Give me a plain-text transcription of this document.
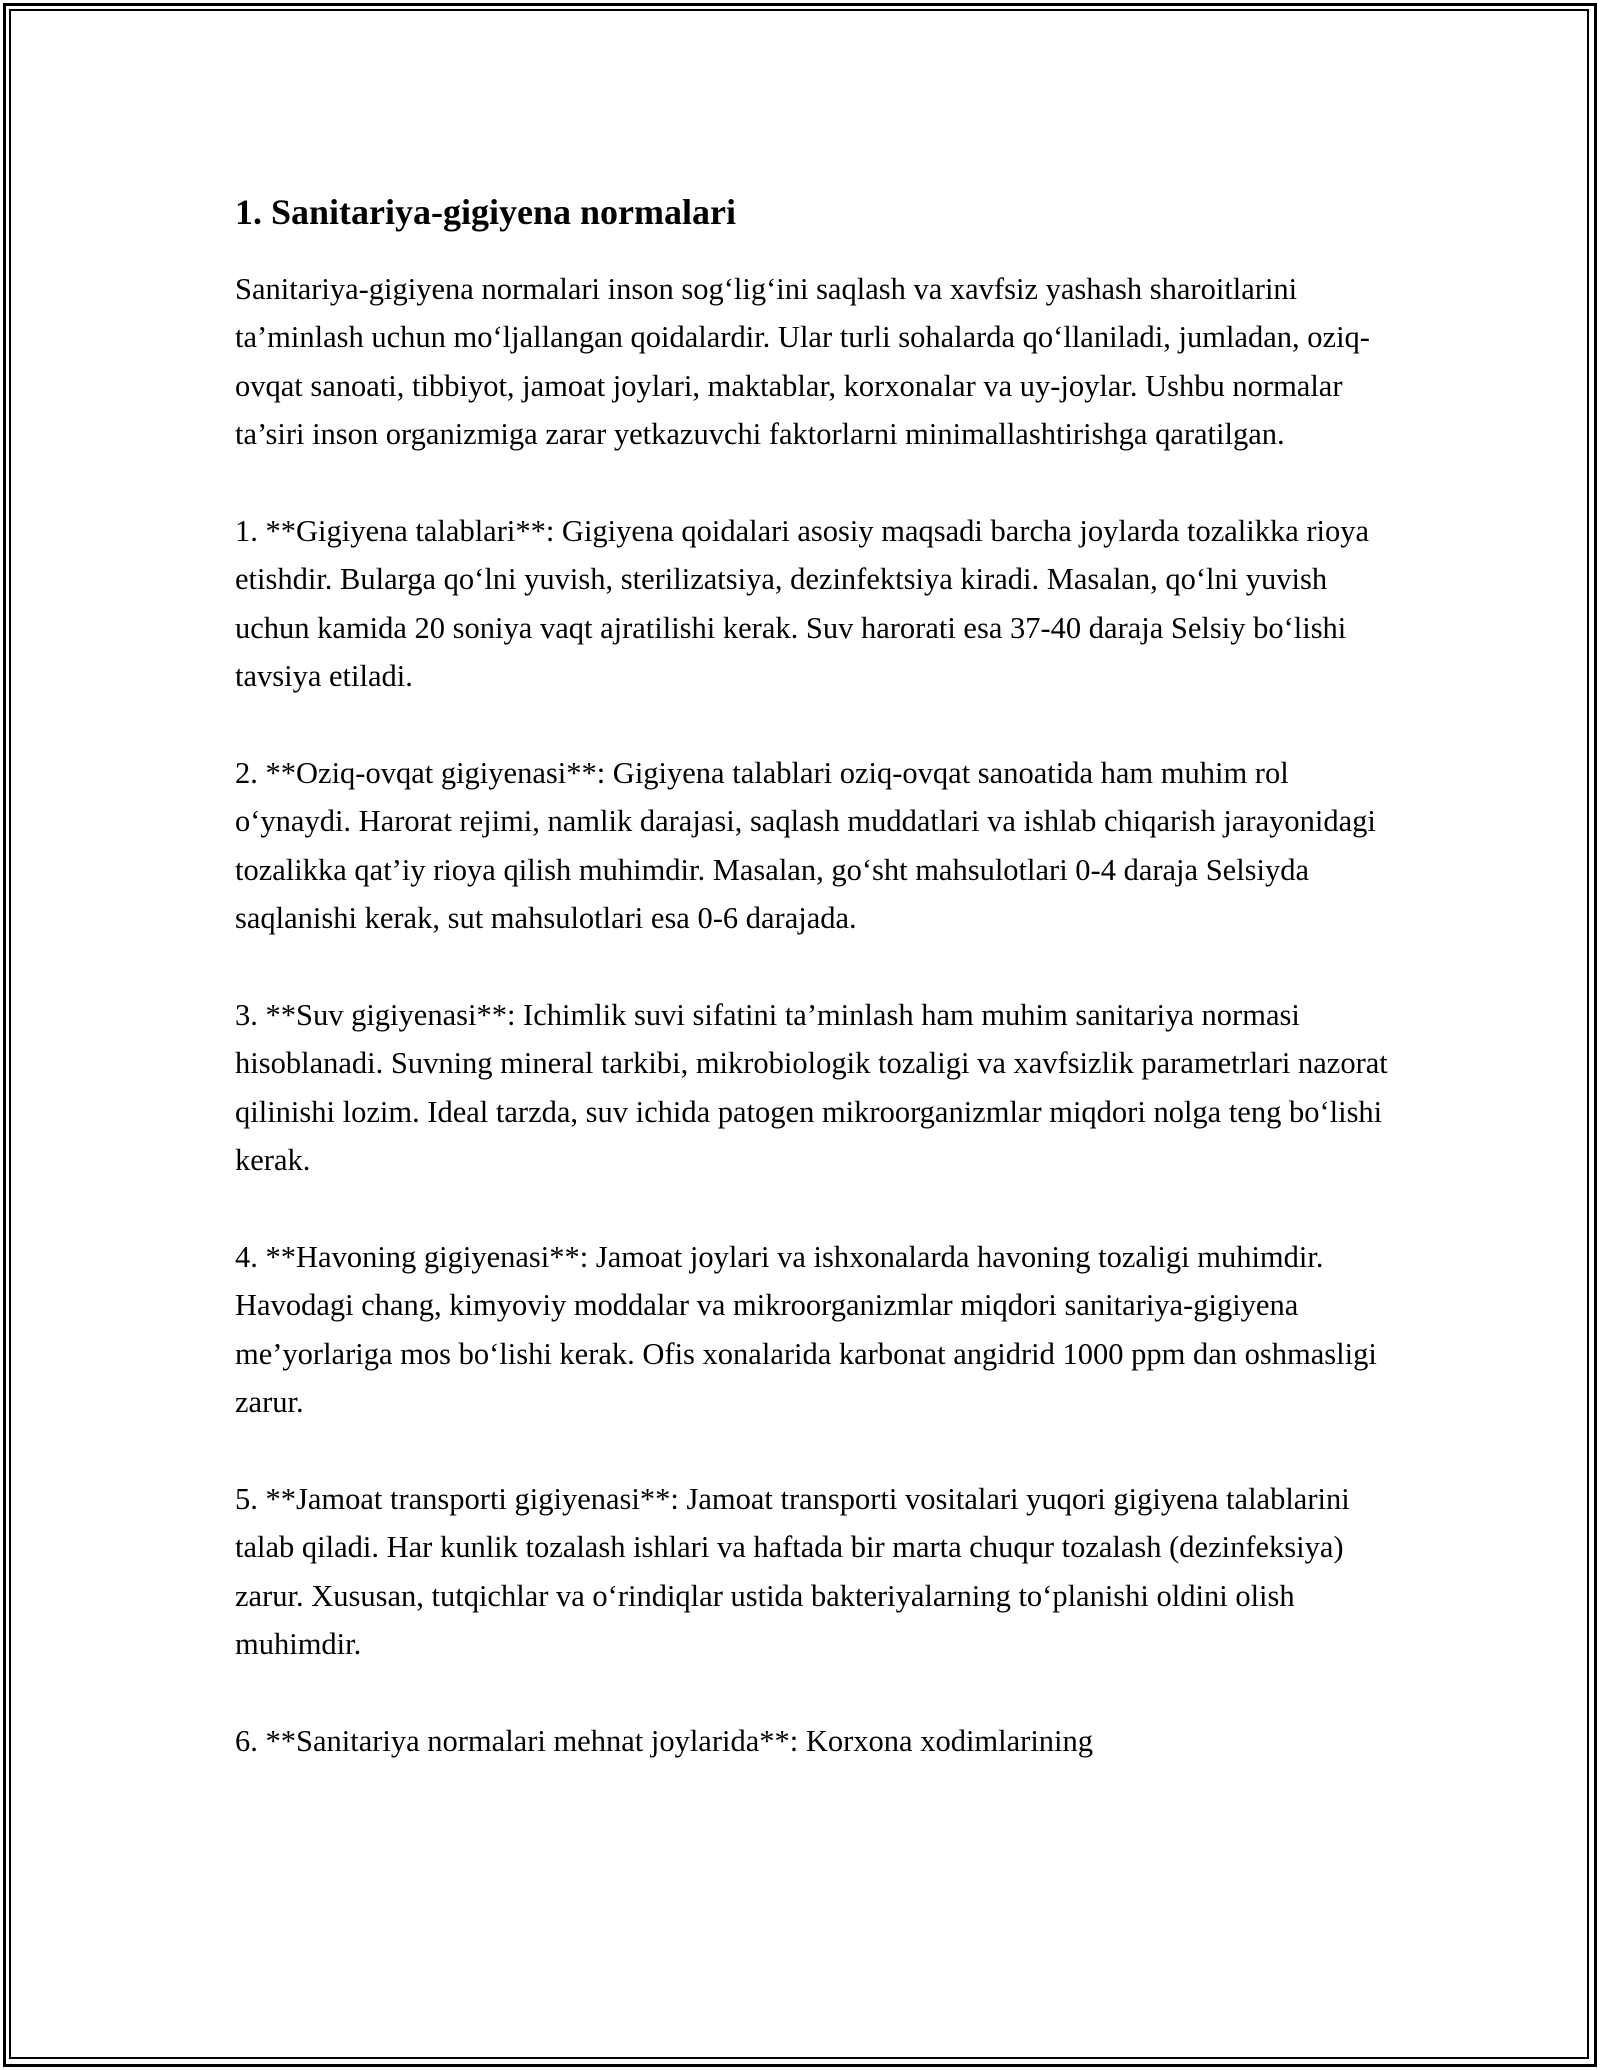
1. Sanitariya-gigiyena normalari

Sanitariya-gigiyena normalari inson sog‘lig‘ini saqlash va xavfsiz yashash sharoitlarini ta’minlash uchun mo‘ljallangan qoidalardir. Ular turli sohalarda qo‘llaniladi, jumladan, oziq-ovqat sanoati, tibbiyot, jamoat joylari, maktablar, korxonalar va uy-joylar. Ushbu normalar ta’siri inson organizmiga zarar yetkazuvchi faktorlarni minimallashtirishga qaratilgan.

1. **Gigiyena talablari**: Gigiyena qoidalari asosiy maqsadi barcha joylarda tozalikka rioya etishdir. Bularga qo‘lni yuvish, sterilizatsiya, dezinfektsiya kiradi. Masalan, qo‘lni yuvish uchun kamida 20 soniya vaqt ajratilishi kerak. Suv harorati esa 37-40 daraja Selsiy bo‘lishi tavsiya etiladi.

2. **Oziq-ovqat gigiyenasi**: Gigiyena talablari oziq-ovqat sanoatida ham muhim rol o‘ynaydi. Harorat rejimi, namlik darajasi, saqlash muddatlari va ishlab chiqarish jarayonidagi tozalikka qat’iy rioya qilish muhimdir. Masalan, go‘sht mahsulotlari 0-4 daraja Selsiyda saqlanishi kerak, sut mahsulotlari esa 0-6 darajada.

3. **Suv gigiyenasi**: Ichimlik suvi sifatini ta’minlash ham muhim sanitariya normasi hisoblanadi. Suvning mineral tarkibi, mikrobiologik tozaligi va xavfsizlik parametrlari nazorat qilinishi lozim. Ideal tarzda, suv ichida patogen mikroorganizmlar miqdori nolga teng bo‘lishi kerak.

4. **Havoning gigiyenasi**: Jamoat joylari va ishxonalarda havoning tozaligi muhimdir. Havodagi chang, kimyoviy moddalar va mikroorganizmlar miqdori sanitariya-gigiyena me’yorlariga mos bo‘lishi kerak. Ofis xonalarida karbonat angidrid 1000 ppm dan oshmasligi zarur.

5. **Jamoat transporti gigiyenasi**: Jamoat transporti vositalari yuqori gigiyena talablarini talab qiladi. Har kunlik tozalash ishlari va haftada bir marta chuqur tozalash (dezinfeksiya) zarur. Xususan, tutqichlar va o‘rindiqlar ustida bakteriyalarning to‘planishi oldini olish muhimdir.

6. **Sanitariya normalari mehnat joylarida**: Korxona xodimlarining
